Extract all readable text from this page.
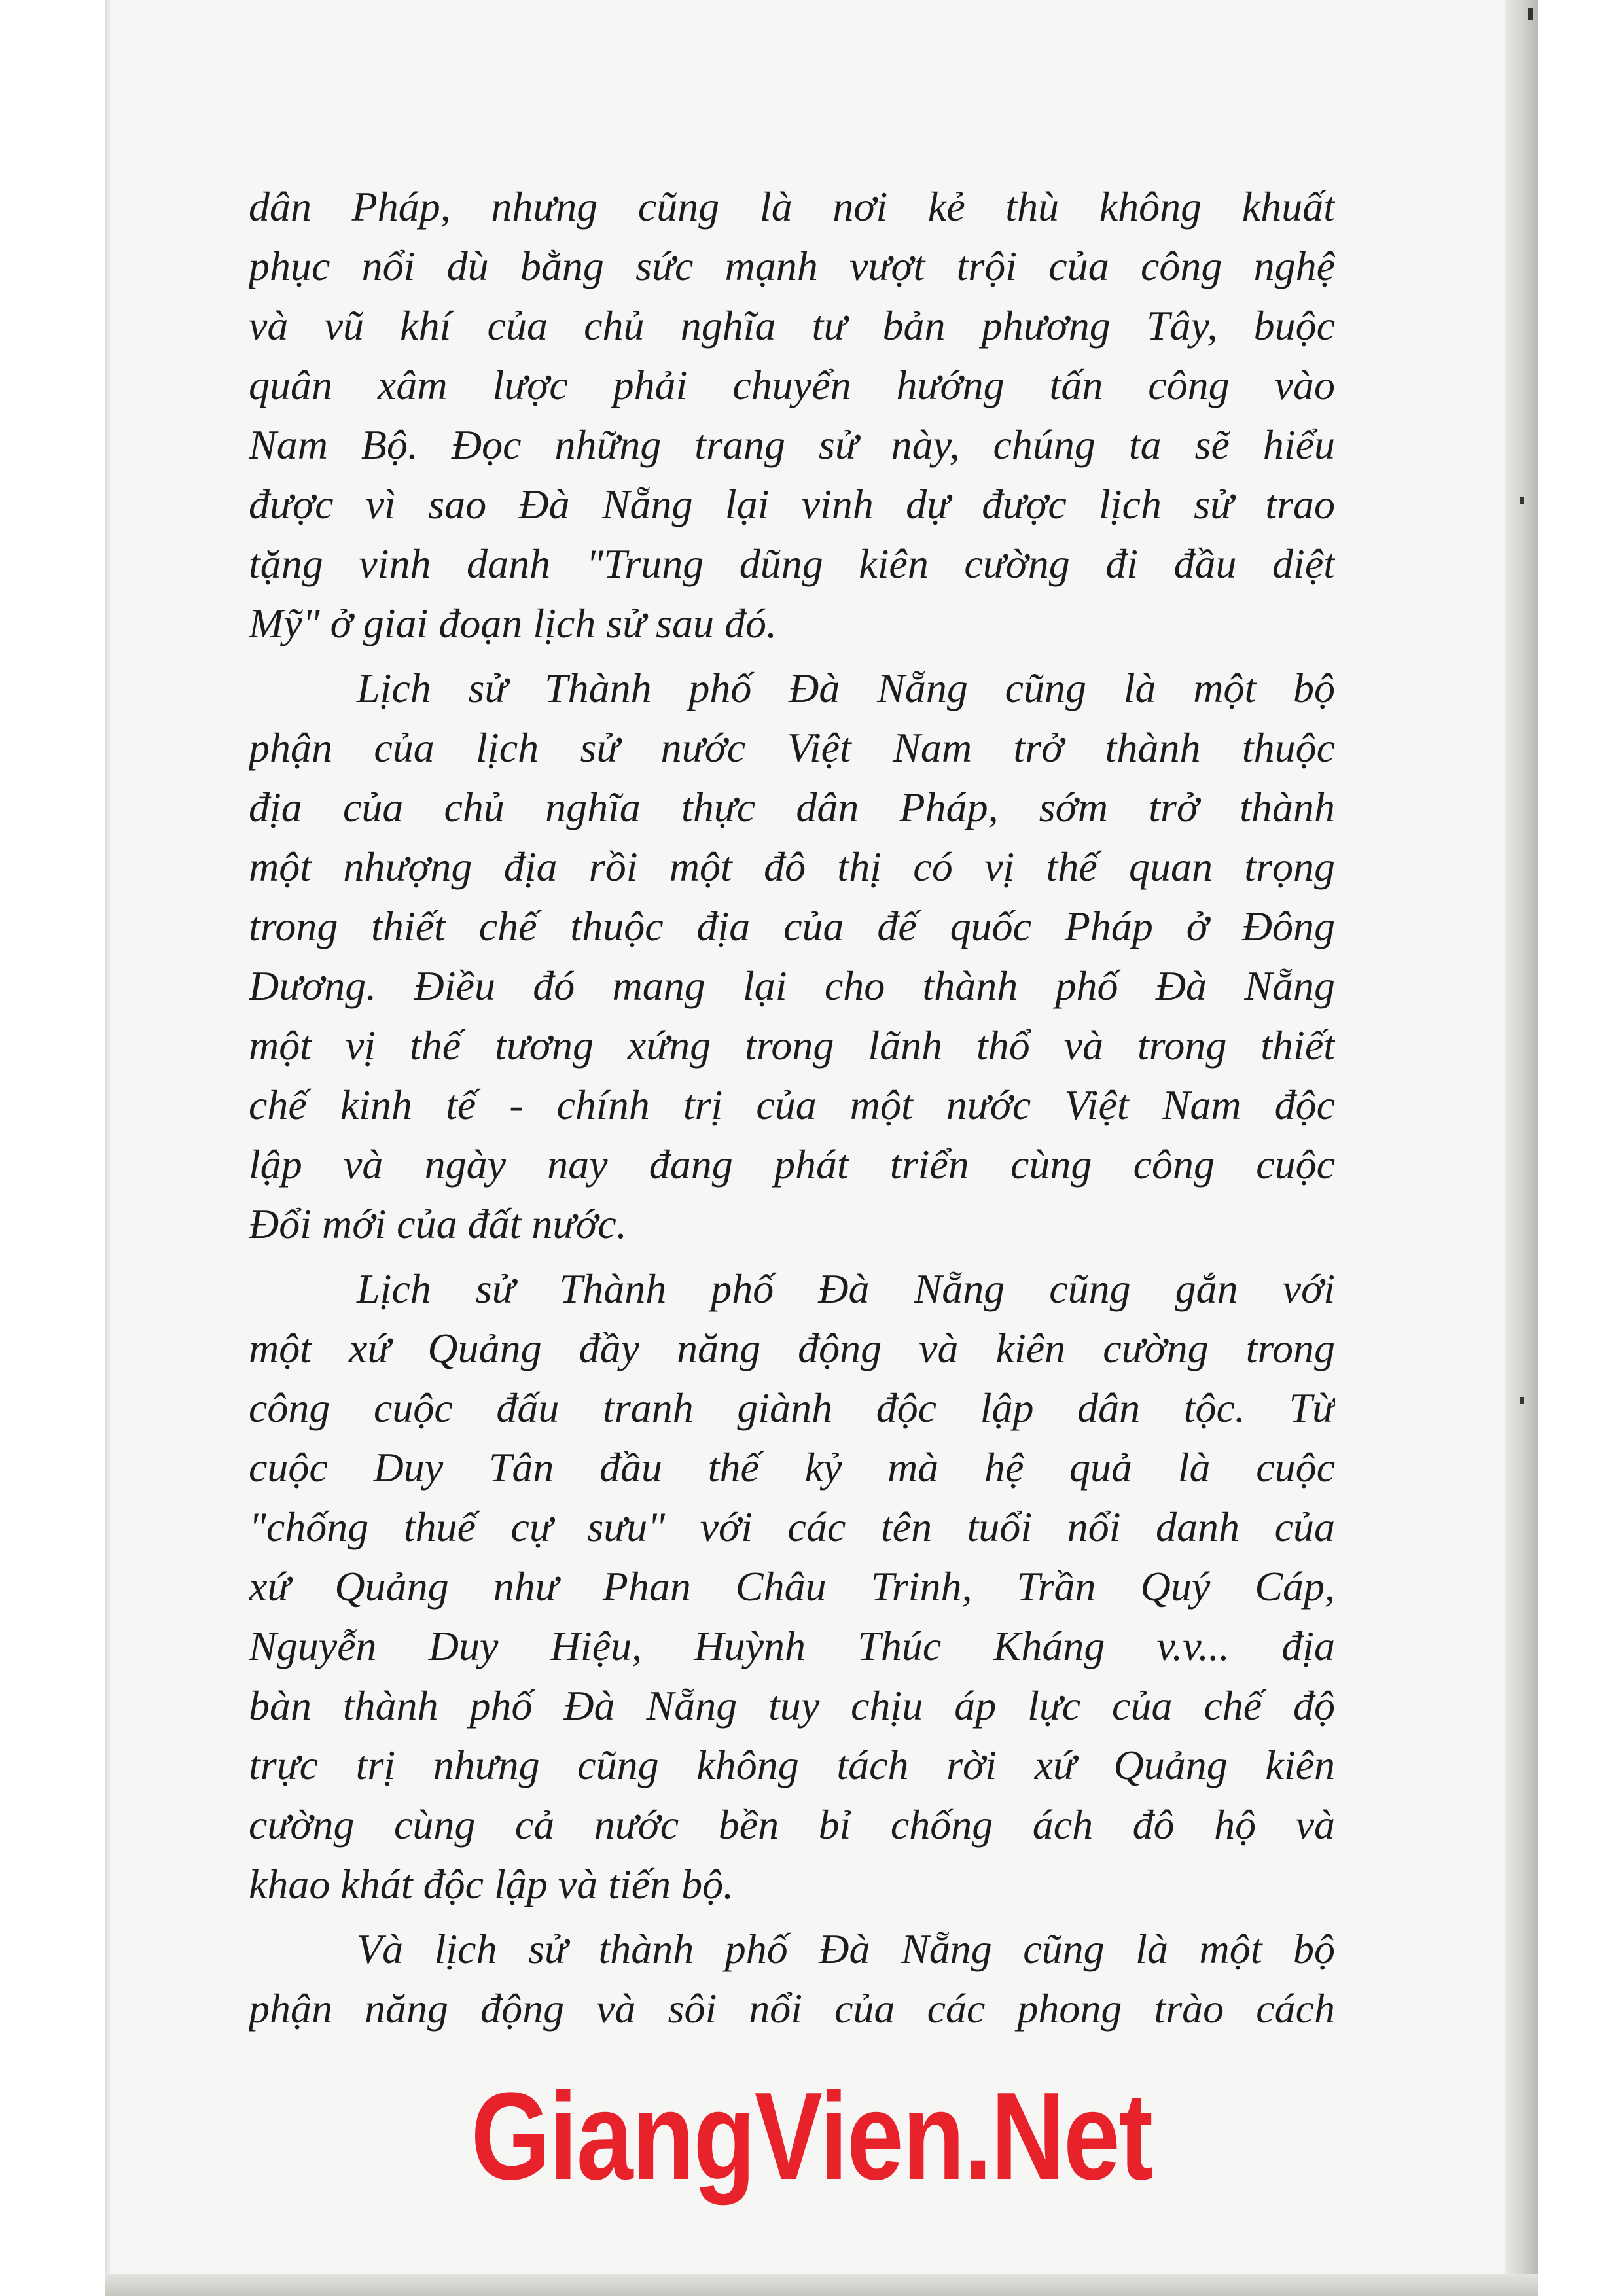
dân Pháp, nhưng cũng là nơi kẻ thù không khuất
phục nổi dù bằng sức mạnh vượt trội của công nghệ
và vũ khí của chủ nghĩa tư bản phương Tây, buộc
quân xâm lược phải chuyển hướng tấn công vào
Nam Bộ. Đọc những trang sử này, chúng ta sẽ hiểu
được vì sao Đà Nẵng lại vinh dự được lịch sử trao
tặng vinh danh "Trung dũng kiên cường đi đầu diệt
Mỹ" ở giai đoạn lịch sử sau đó.
Lịch sử Thành phố Đà Nẵng cũng là một bộ
phận của lịch sử nước Việt Nam trở thành thuộc
địa của chủ nghĩa thực dân Pháp, sớm trở thành
một nhượng địa rồi một đô thị có vị thế quan trọng
trong thiết chế thuộc địa của đế quốc Pháp ở Đông
Dương. Điều đó mang lại cho thành phố Đà Nẵng
một vị thế tương xứng trong lãnh thổ và trong thiết
chế kinh tế - chính trị của một nước Việt Nam độc
lập và ngày nay đang phát triển cùng công cuộc
Đổi mới của đất nước.
Lịch sử Thành phố Đà Nẵng cũng gắn với
một xứ Quảng đầy năng động và kiên cường trong
công cuộc đấu tranh giành độc lập dân tộc. Từ
cuộc Duy Tân đầu thế kỷ mà hệ quả là cuộc
"chống thuế cự sưu" với các tên tuổi nổi danh của
xứ Quảng như Phan Châu Trinh, Trần Quý Cáp,
Nguyễn Duy Hiệu, Huỳnh Thúc Kháng v.v... địa
bàn thành phố Đà Nẵng tuy chịu áp lực của chế độ
trực trị nhưng cũng không tách rời xứ Quảng kiên
cường cùng cả nước bền bỉ chống ách đô hộ và
khao khát độc lập và tiến bộ.
Và lịch sử thành phố Đà Nẵng cũng là một bộ
phận năng động và sôi nổi của các phong trào cách
GiangVien.Net
